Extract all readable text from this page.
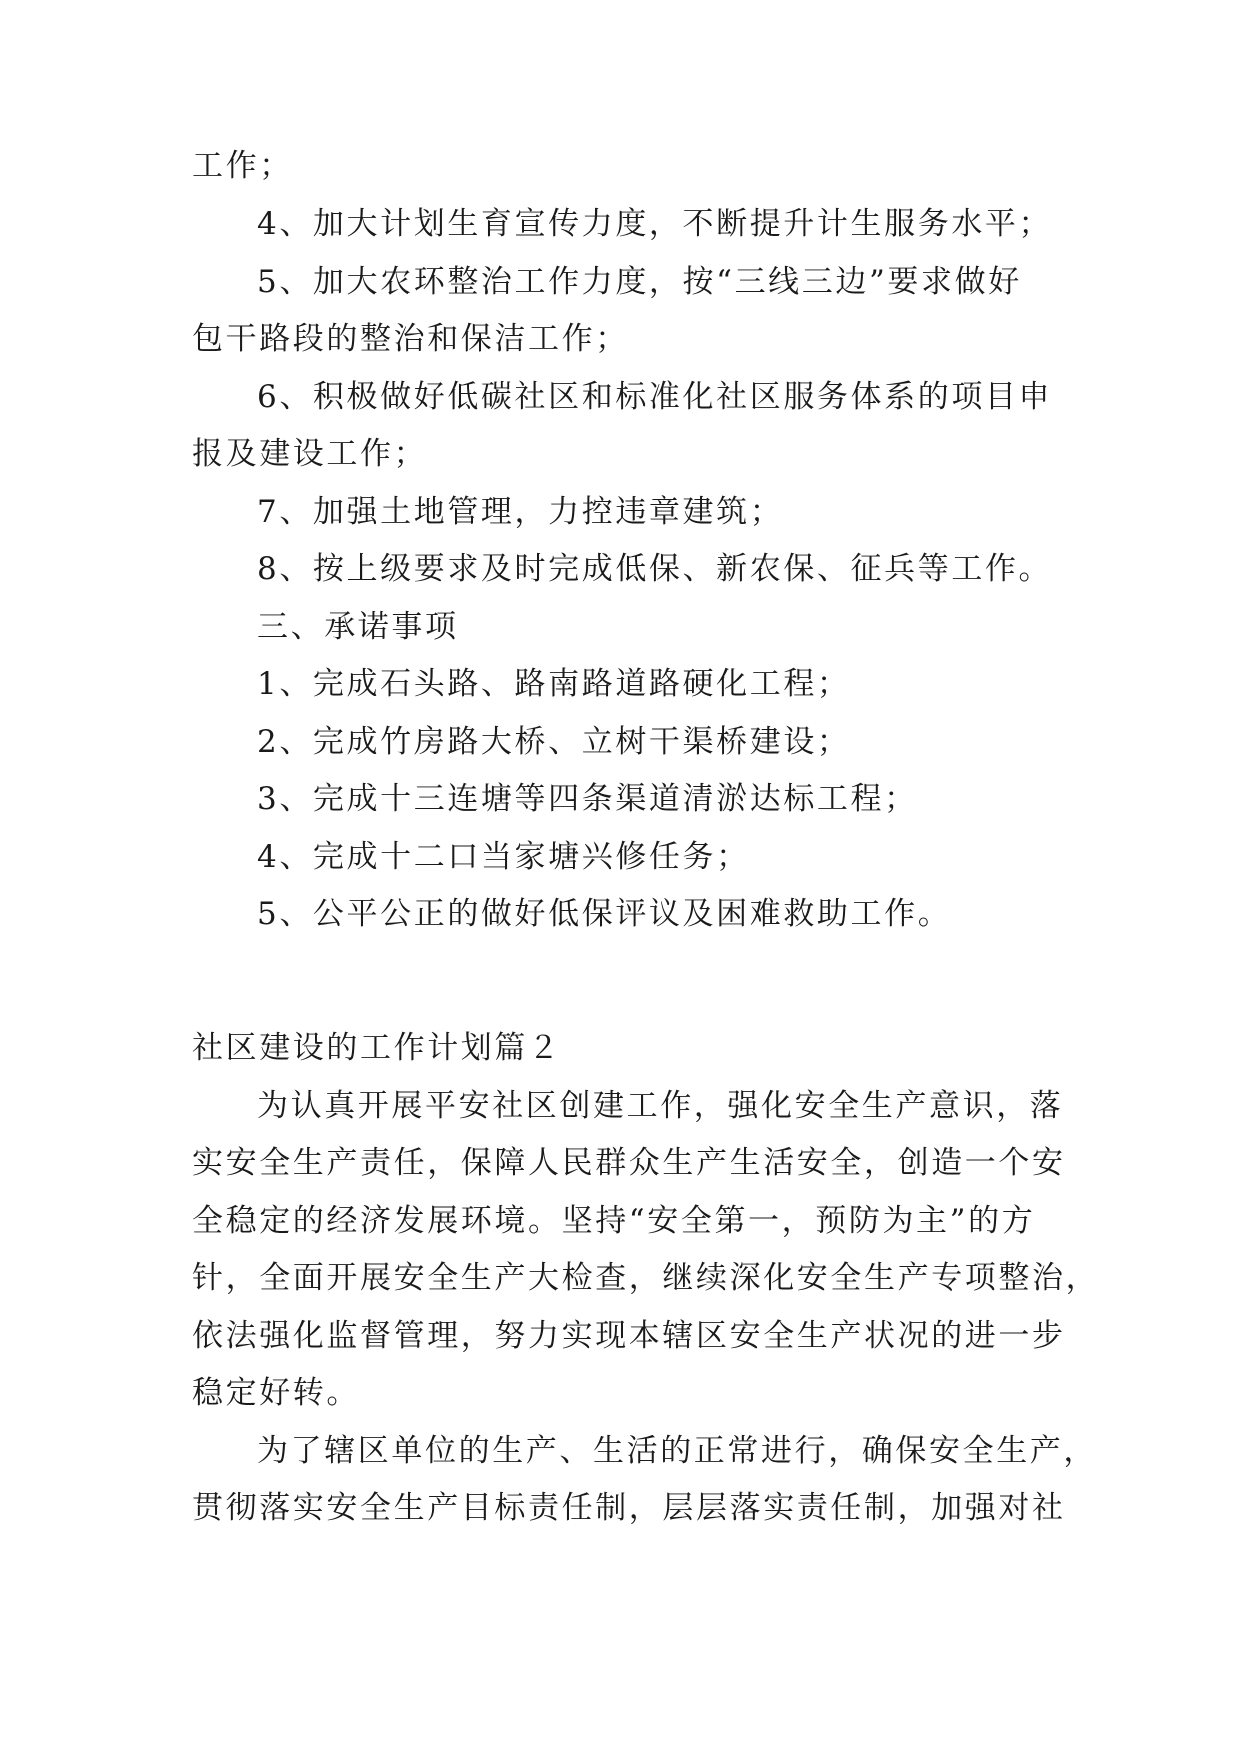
工作；
4、加大计划生育宣传力度，不断提升计生服务水平；
5、加大农环整治工作力度，按“三线三边”要求做好
包干路段的整治和保洁工作；
6、积极做好低碳社区和标准化社区服务体系的项目申
报及建设工作；
7、加强土地管理，力控违章建筑；
8、按上级要求及时完成低保、新农保、征兵等工作。
三、承诺事项
1、完成石头路、路南路道路硬化工程；
2、完成竹房路大桥、立树干渠桥建设；
3、完成十三连塘等四条渠道清淤达标工程；
4、完成十二口当家塘兴修任务；
5、公平公正的做好低保评议及困难救助工作。
社区建设的工作计划篇２
为认真开展平安社区创建工作，强化安全生产意识，落
实安全生产责任，保障人民群众生产生活安全，创造一个安
全稳定的经济发展环境。坚持“安全第一，预防为主”的方
针，全面开展安全生产大检查，继续深化安全生产专项整治，
依法强化监督管理，努力实现本辖区安全生产状况的进一步
稳定好转。
为了辖区单位的生产、生活的正常进行，确保安全生产，
贯彻落实安全生产目标责任制，层层落实责任制，加强对社
